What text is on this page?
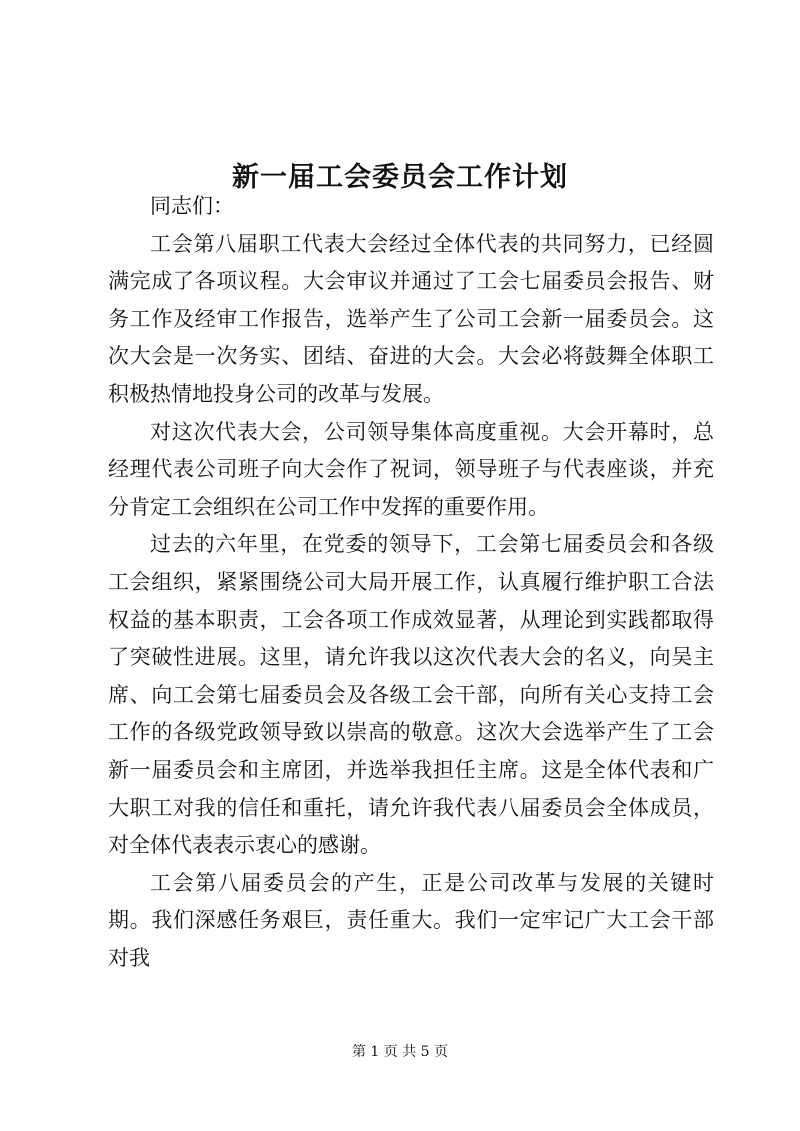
新一届工会委员会工作计划

同志们：

工会第八届职工代表大会经过全体代表的共同努力，已经圆满完成了各项议程。大会审议并通过了工会七届委员会报告、财务工作及经审工作报告，选举产生了公司工会新一届委员会。这次大会是一次务实、团结、奋进的大会。大会必将鼓舞全体职工积极热情地投身公司的改革与发展。

对这次代表大会，公司领导集体高度重视。大会开幕时，总经理代表公司班子向大会作了祝词，领导班子与代表座谈，并充分肯定工会组织在公司工作中发挥的重要作用。

过去的六年里，在党委的领导下，工会第七届委员会和各级工会组织，紧紧围绕公司大局开展工作，认真履行维护职工合法权益的基本职责，工会各项工作成效显著，从理论到实践都取得了突破性进展。这里，请允许我以这次代表大会的名义，向吴主席、向工会第七届委员会及各级工会干部，向所有关心支持工会工作的各级党政领导致以崇高的敬意。这次大会选举产生了工会新一届委员会和主席团，并选举我担任主席。这是全体代表和广大职工对我的信任和重托，请允许我代表八届委员会全体成员，对全体代表表示衷心的感谢。

工会第八届委员会的产生，正是公司改革与发展的关键时期。我们深感任务艰巨，责任重大。我们一定牢记广大工会干部对我

第 1 页 共 5 页
